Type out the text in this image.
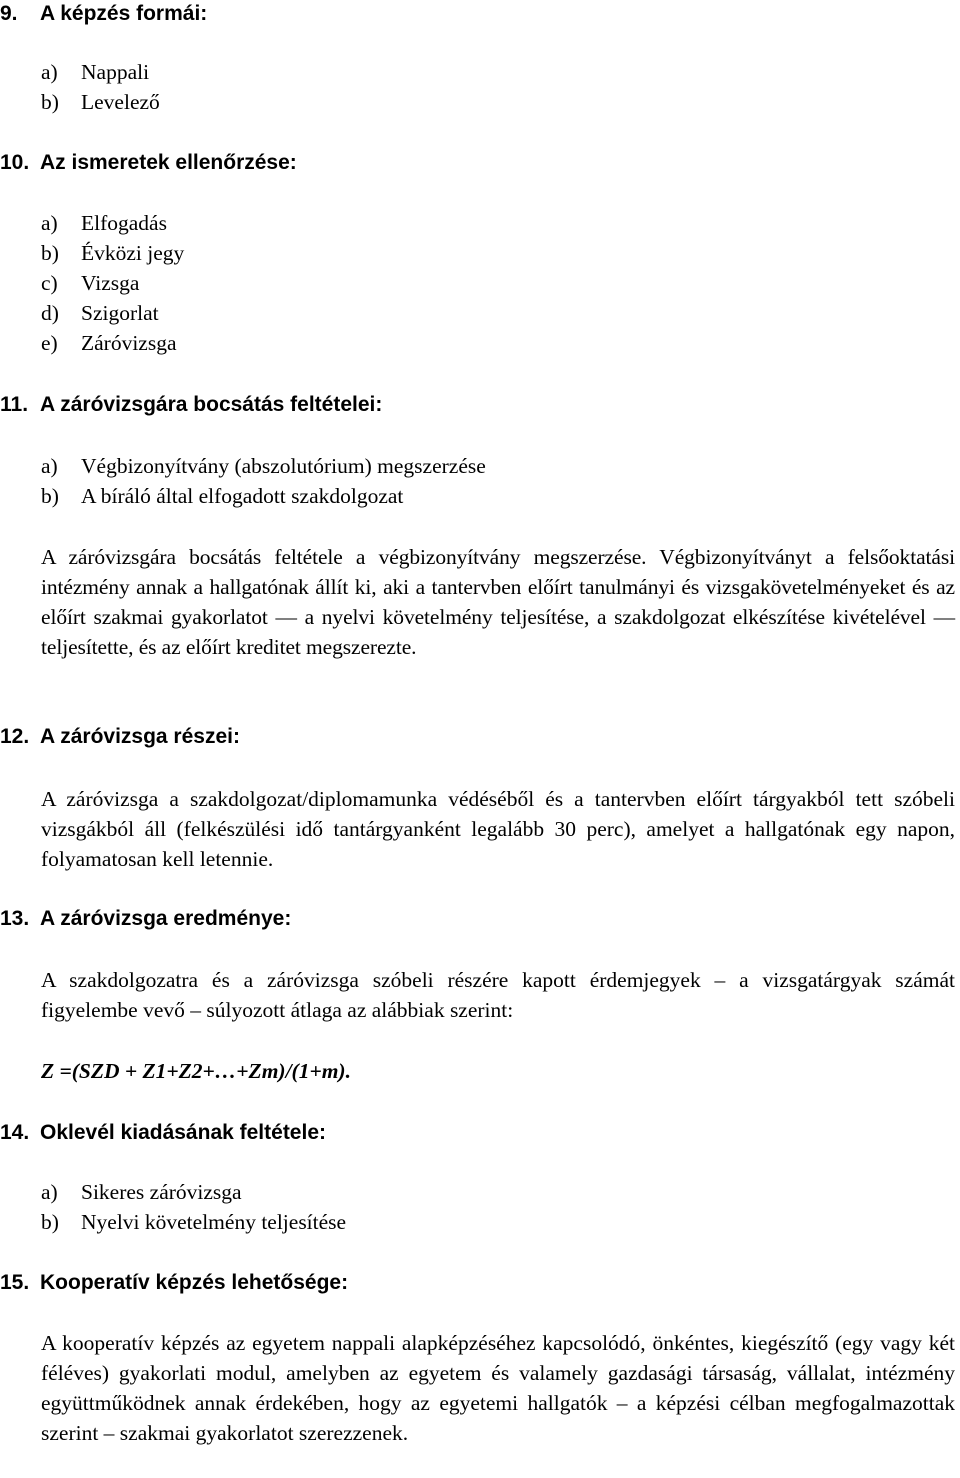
9. A képzés formái:
a) Nappali
b) Levelező
10. Az ismeretek ellenőrzése:
a) Elfogadás
b) Évközi jegy
c) Vizsga
d) Szigorlat
e) Záróvizsga
11. A záróvizsgára bocsátás feltételei:
a) Végbizonyítvány (abszolutórium) megszerzése
b) A bíráló által elfogadott szakdolgozat

A záróvizsgára bocsátás feltétele a végbizonyítvány megszerzése. Végbizonyítványt a felsőoktatási intézmény annak a hallgatónak állít ki, aki a tantervben előírt tanulmányi és vizsgakövetelményeket és az előírt szakmai gyakorlatot — a nyelvi követelmény teljesítése, a szakdolgozat elkészítése kivételével — teljesítette, és az előírt kreditet megszerezte.

12. A záróvizsga részei:

A záróvizsga a szakdolgozat/diplomamunka védéséből és a tantervben előírt tárgyakból tett szóbeli vizsgákból áll (felkészülési idő tantárgyanként legalább 30 perc), amelyet a hallgatónak egy napon, folyamatosan kell letennie.

13. A záróvizsga eredménye:

A szakdolgozatra és a záróvizsga szóbeli részére kapott érdemjegyek – a vizsgatárgyak számát figyelembe vevő – súlyozott átlaga az alábbiak szerint:

Z =(SZD + Z1+Z2+…+Zm)/(1+m).
14. Oklevél kiadásának feltétele:
a) Sikeres záróvizsga
b) Nyelvi követelmény teljesítése
15. Kooperatív képzés lehetősége:

A kooperatív képzés az egyetem nappali alapképzéséhez kapcsolódó, önkéntes, kiegészítő (egy vagy két féléves) gyakorlati modul, amelyben az egyetem és valamely gazdasági társaság, vállalat, intézmény együttműködnek annak érdekében, hogy az egyetemi hallgatók – a képzési célban megfogalmazottak szerint – szakmai gyakorlatot szerezzenek.
